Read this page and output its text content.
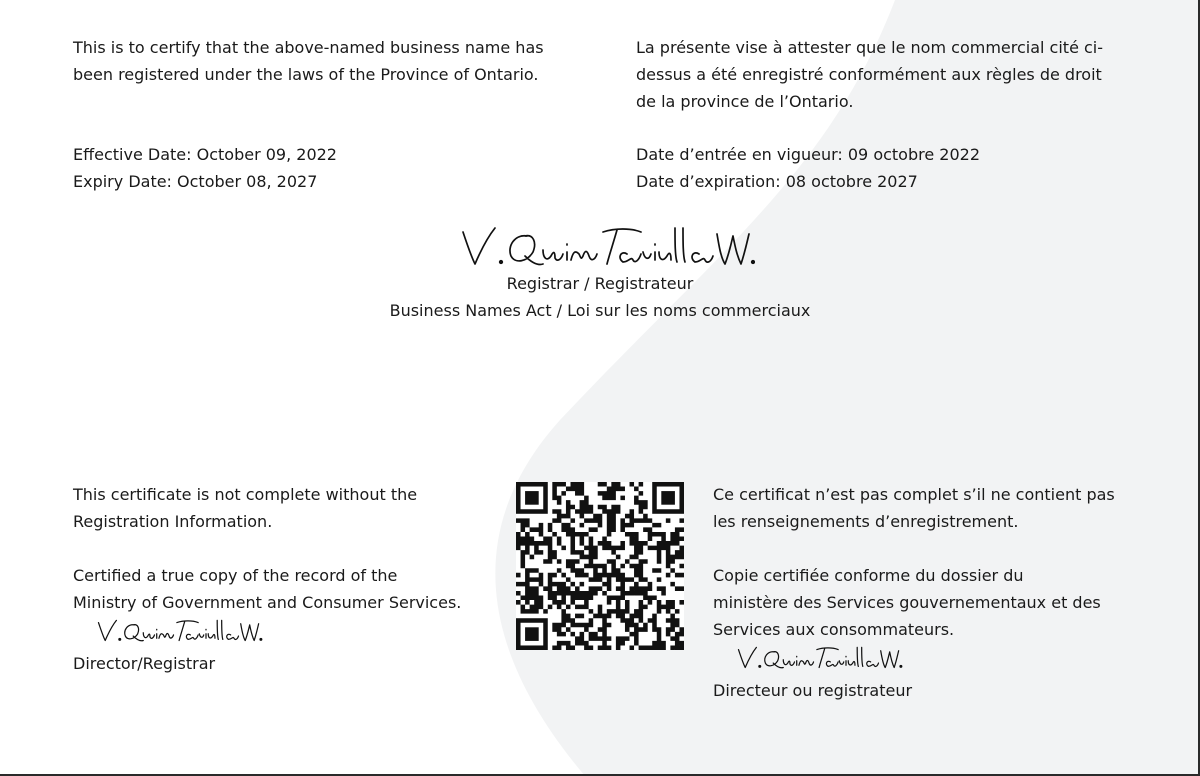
This is to certify that the above-named business name has

been registered under the laws of the Province of Ontario.

Effective Date: October 09, 2022

Expiry Date: October 08, 2027

La présente vise à attester que le nom commercial cité ci-

dessus a été enregistré conformément aux règles de droit

de la province de l’Ontario.

Date d’entrée en vigueur: 09 octobre 2022

Date d’expiration: 08 octobre 2027

Registrar / Registrateur

Business Names Act / Loi sur les noms commerciaux

This certificate is not complete without the

Registration Information.

Certified a true copy of the record of the

Ministry of Government and Consumer Services.

Director/Registrar

Ce certificat n’est pas complet s’il ne contient pas

les renseignements d’enregistrement.

Copie certifiée conforme du dossier du

ministère des Services gouvernementaux et des

Services aux consommateurs.

Directeur ou registrateur
